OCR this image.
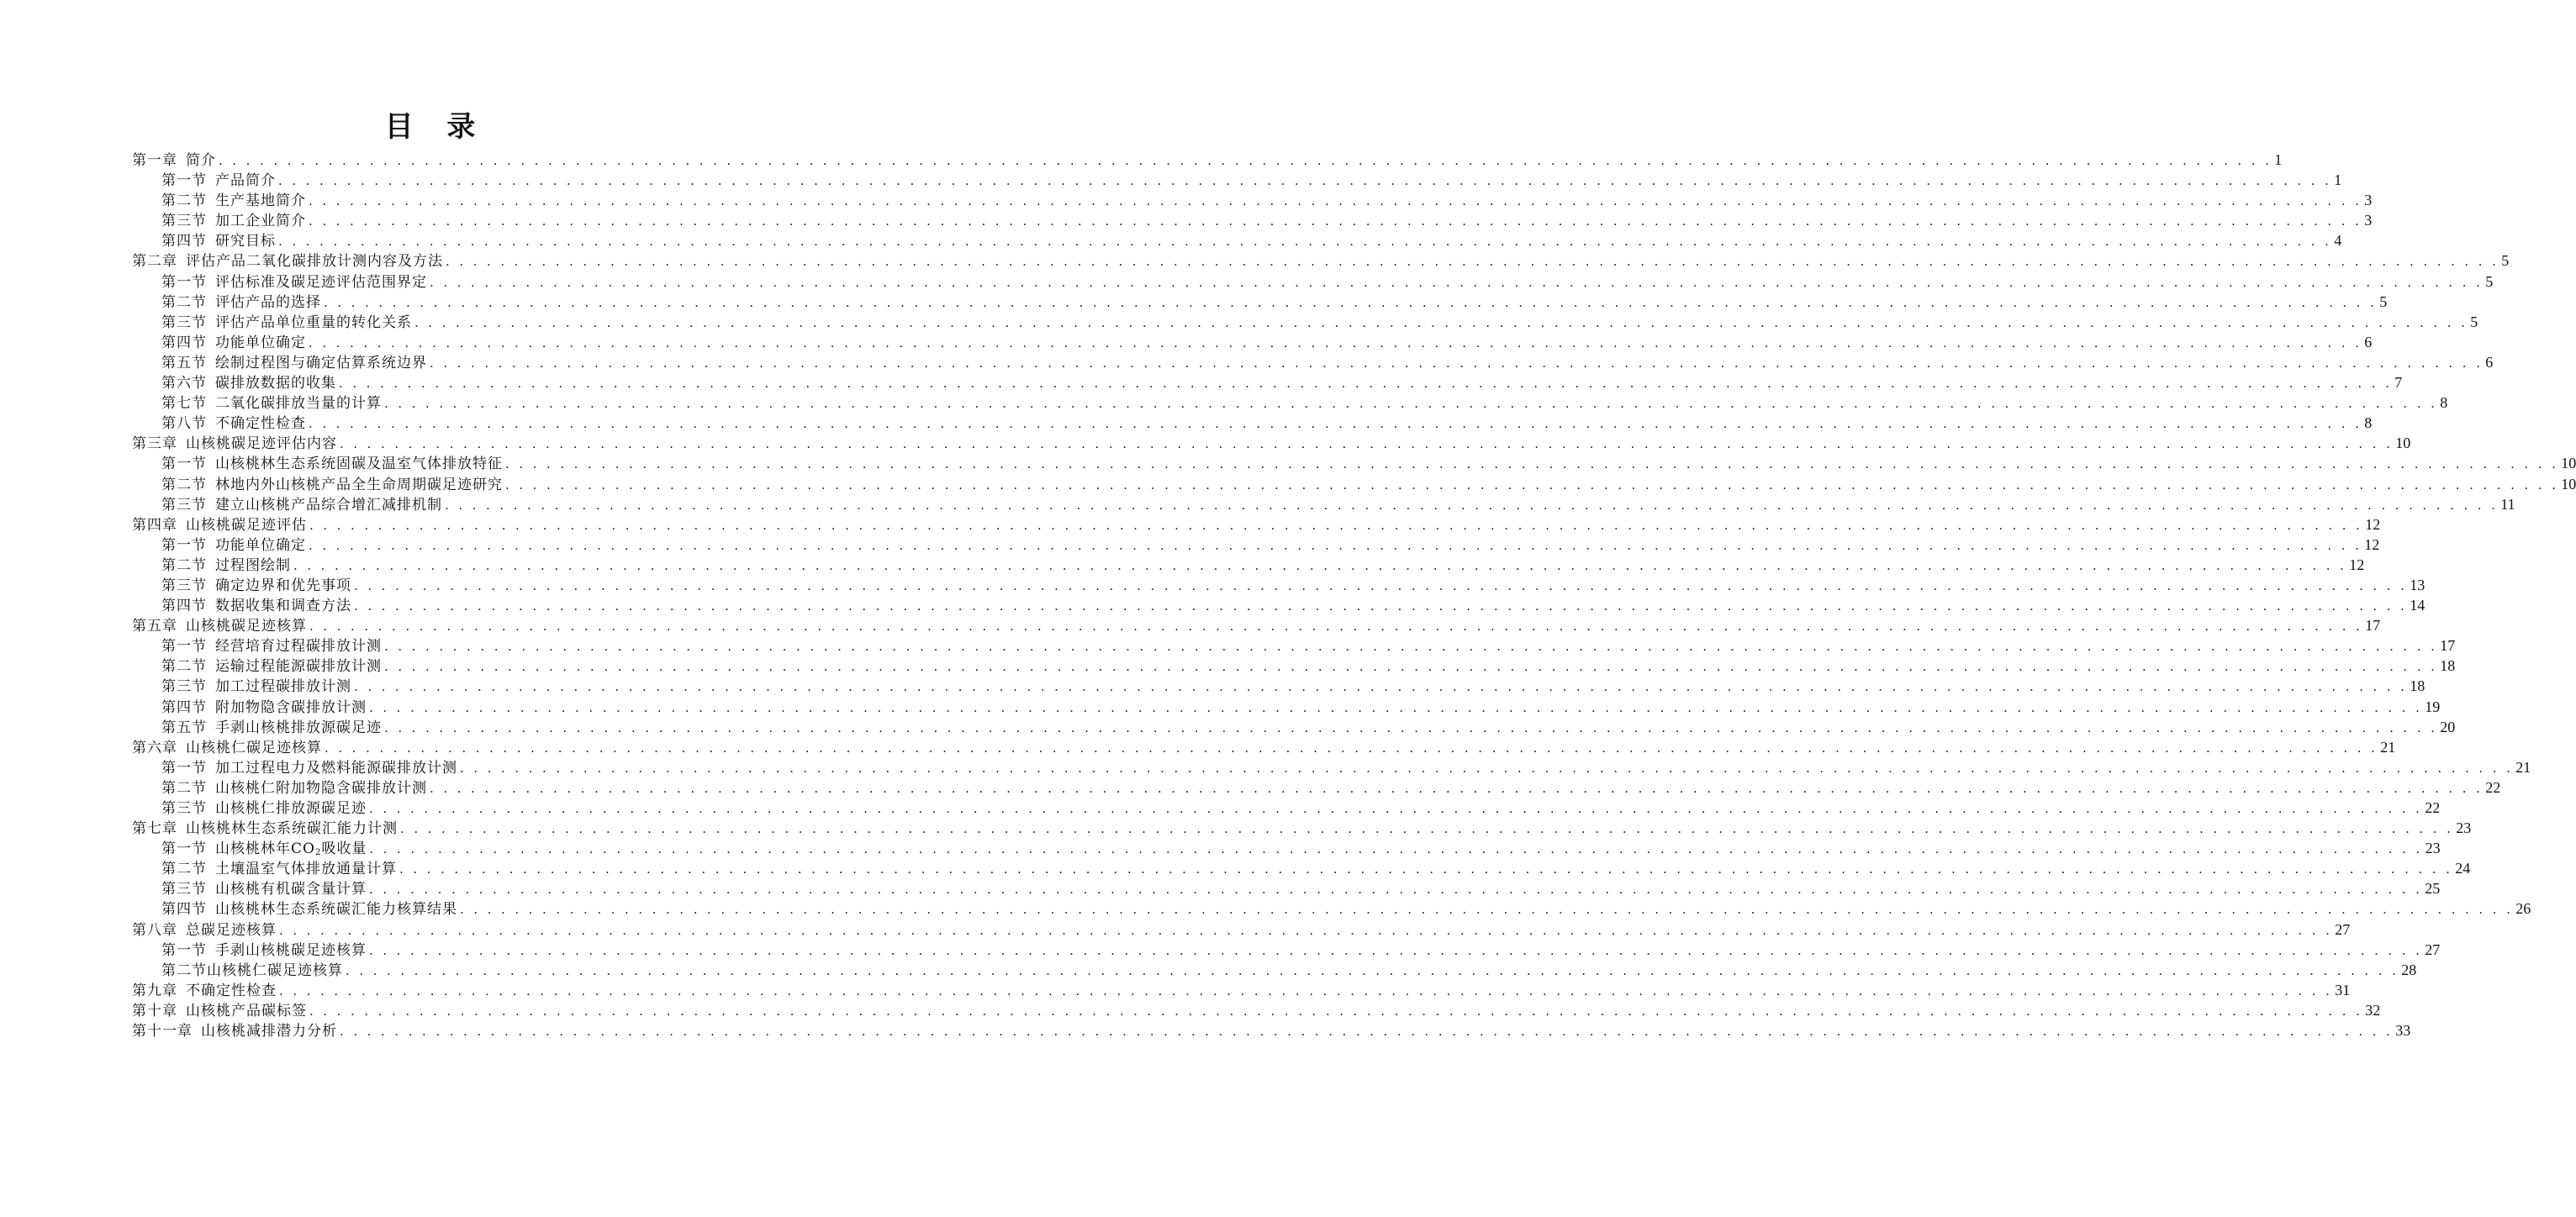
目 录
第一章 简介 . . . . . . . . . . . . . . . . . . . . . . . . . . . . . . . . . . . . . . . . . . . . . . . . . . . . . . . . . . . . . . . . . . . . . . . . . . . . . . . . . . . . . . . . . . . . . . . . . . . . . . . . . . . . . . . . . . . . . . . . . . . . . . . . . . . . . . . . . . . . . . . . . . . . . . 1
第一节 产品简介 . . . . . . . . . . . . . . . . . . . . . . . . . . . . . . . . . . . . . . . . . . . . . . . . . . . . . . . . . . . . . . . . . . . . . . . . . . . . . . . . . . . . . . . . . . . . . . . . . . . . . . . . . . . . . . . . . . . . . . . . . . . . . . . . . . . . . . . . . . . . . . . . . . . . . . 1
第二节 生产基地简介 . . . . . . . . . . . . . . . . . . . . . . . . . . . . . . . . . . . . . . . . . . . . . . . . . . . . . . . . . . . . . . . . . . . . . . . . . . . . . . . . . . . . . . . . . . . . . . . . . . . . . . . . . . . . . . . . . . . . . . . . . . . . . . . . . . . . . . . . . . . . . . . . . . . . . . 3
第三节 加工企业简介 . . . . . . . . . . . . . . . . . . . . . . . . . . . . . . . . . . . . . . . . . . . . . . . . . . . . . . . . . . . . . . . . . . . . . . . . . . . . . . . . . . . . . . . . . . . . . . . . . . . . . . . . . . . . . . . . . . . . . . . . . . . . . . . . . . . . . . . . . . . . . . . . . . . . . . 3
第四节 研究目标 . . . . . . . . . . . . . . . . . . . . . . . . . . . . . . . . . . . . . . . . . . . . . . . . . . . . . . . . . . . . . . . . . . . . . . . . . . . . . . . . . . . . . . . . . . . . . . . . . . . . . . . . . . . . . . . . . . . . . . . . . . . . . . . . . . . . . . . . . . . . . . . . . . . . . . 4
第二章 评估产品二氧化碳排放计测内容及方法 . . . . . . . . . . . . . . . . . . . . . . . . . . . . . . . . . . . . . . . . . . . . . . . . . . . . . . . . . . . . . . . . . . . . . . . . . . . . . . . . . . . . . . . . . . . . . . . . . . . . . . . . . . . . . . . . . . . . . . . . . . . . . . . . . . . . . . . . . . . . . . . . . . . . . . 5
第一节 评估标准及碳足迹评估范围界定 . . . . . . . . . . . . . . . . . . . . . . . . . . . . . . . . . . . . . . . . . . . . . . . . . . . . . . . . . . . . . . . . . . . . . . . . . . . . . . . . . . . . . . . . . . . . . . . . . . . . . . . . . . . . . . . . . . . . . . . . . . . . . . . . . . . . . . . . . . . . . . . . . . . . . . 5
第二节 评估产品的选择 . . . . . . . . . . . . . . . . . . . . . . . . . . . . . . . . . . . . . . . . . . . . . . . . . . . . . . . . . . . . . . . . . . . . . . . . . . . . . . . . . . . . . . . . . . . . . . . . . . . . . . . . . . . . . . . . . . . . . . . . . . . . . . . . . . . . . . . . . . . . . . . . . . . . . . 5
第三节 评估产品单位重量的转化关系 . . . . . . . . . . . . . . . . . . . . . . . . . . . . . . . . . . . . . . . . . . . . . . . . . . . . . . . . . . . . . . . . . . . . . . . . . . . . . . . . . . . . . . . . . . . . . . . . . . . . . . . . . . . . . . . . . . . . . . . . . . . . . . . . . . . . . . . . . . . . . . . . . . . . . . 5
第四节 功能单位确定 . . . . . . . . . . . . . . . . . . . . . . . . . . . . . . . . . . . . . . . . . . . . . . . . . . . . . . . . . . . . . . . . . . . . . . . . . . . . . . . . . . . . . . . . . . . . . . . . . . . . . . . . . . . . . . . . . . . . . . . . . . . . . . . . . . . . . . . . . . . . . . . . . . . . . . 6
第五节 绘制过程图与确定估算系统边界 . . . . . . . . . . . . . . . . . . . . . . . . . . . . . . . . . . . . . . . . . . . . . . . . . . . . . . . . . . . . . . . . . . . . . . . . . . . . . . . . . . . . . . . . . . . . . . . . . . . . . . . . . . . . . . . . . . . . . . . . . . . . . . . . . . . . . . . . . . . . . . . . . . . . . . 6
第六节 碳排放数据的收集 . . . . . . . . . . . . . . . . . . . . . . . . . . . . . . . . . . . . . . . . . . . . . . . . . . . . . . . . . . . . . . . . . . . . . . . . . . . . . . . . . . . . . . . . . . . . . . . . . . . . . . . . . . . . . . . . . . . . . . . . . . . . . . . . . . . . . . . . . . . . . . . . . . . . . . 7
第七节 二氧化碳排放当量的计算 . . . . . . . . . . . . . . . . . . . . . . . . . . . . . . . . . . . . . . . . . . . . . . . . . . . . . . . . . . . . . . . . . . . . . . . . . . . . . . . . . . . . . . . . . . . . . . . . . . . . . . . . . . . . . . . . . . . . . . . . . . . . . . . . . . . . . . . . . . . . . . . . . . . . . . 8
第八节 不确定性检查 . . . . . . . . . . . . . . . . . . . . . . . . . . . . . . . . . . . . . . . . . . . . . . . . . . . . . . . . . . . . . . . . . . . . . . . . . . . . . . . . . . . . . . . . . . . . . . . . . . . . . . . . . . . . . . . . . . . . . . . . . . . . . . . . . . . . . . . . . . . . . . . . . . . . . . 8
第三章 山核桃碳足迹评估内容 . . . . . . . . . . . . . . . . . . . . . . . . . . . . . . . . . . . . . . . . . . . . . . . . . . . . . . . . . . . . . . . . . . . . . . . . . . . . . . . . . . . . . . . . . . . . . . . . . . . . . . . . . . . . . . . . . . . . . . . . . . . . . . . . . . . . . . . . . . . . . . . . . . . . . . 10
第一节 山核桃林生态系统固碳及温室气体排放特征 . . . . . . . . . . . . . . . . . . . . . . . . . . . . . . . . . . . . . . . . . . . . . . . . . . . . . . . . . . . . . . . . . . . . . . . . . . . . . . . . . . . . . . . . . . . . . . . . . . . . . . . . . . . . . . . . . . . . . . . . . . . . . . . . . . . . . . . . . . . . . . . . . . . . . . 10
第二节 林地内外山核桃产品全生命周期碳足迹研究 . . . . . . . . . . . . . . . . . . . . . . . . . . . . . . . . . . . . . . . . . . . . . . . . . . . . . . . . . . . . . . . . . . . . . . . . . . . . . . . . . . . . . . . . . . . . . . . . . . . . . . . . . . . . . . . . . . . . . . . . . . . . . . . . . . . . . . . . . . . . . . . . . . . . . . 10
第三节 建立山核桃产品综合增汇减排机制 . . . . . . . . . . . . . . . . . . . . . . . . . . . . . . . . . . . . . . . . . . . . . . . . . . . . . . . . . . . . . . . . . . . . . . . . . . . . . . . . . . . . . . . . . . . . . . . . . . . . . . . . . . . . . . . . . . . . . . . . . . . . . . . . . . . . . . . . . . . . . . . . . . . . . . 11
第四章 山核桃碳足迹评估 . . . . . . . . . . . . . . . . . . . . . . . . . . . . . . . . . . . . . . . . . . . . . . . . . . . . . . . . . . . . . . . . . . . . . . . . . . . . . . . . . . . . . . . . . . . . . . . . . . . . . . . . . . . . . . . . . . . . . . . . . . . . . . . . . . . . . . . . . . . . . . . . . . . . . . 12
第一节 功能单位确定 . . . . . . . . . . . . . . . . . . . . . . . . . . . . . . . . . . . . . . . . . . . . . . . . . . . . . . . . . . . . . . . . . . . . . . . . . . . . . . . . . . . . . . . . . . . . . . . . . . . . . . . . . . . . . . . . . . . . . . . . . . . . . . . . . . . . . . . . . . . . . . . . . . . . . . 12
第二节 过程图绘制 . . . . . . . . . . . . . . . . . . . . . . . . . . . . . . . . . . . . . . . . . . . . . . . . . . . . . . . . . . . . . . . . . . . . . . . . . . . . . . . . . . . . . . . . . . . . . . . . . . . . . . . . . . . . . . . . . . . . . . . . . . . . . . . . . . . . . . . . . . . . . . . . . . . . . . 12
第三节 确定边界和优先事项 . . . . . . . . . . . . . . . . . . . . . . . . . . . . . . . . . . . . . . . . . . . . . . . . . . . . . . . . . . . . . . . . . . . . . . . . . . . . . . . . . . . . . . . . . . . . . . . . . . . . . . . . . . . . . . . . . . . . . . . . . . . . . . . . . . . . . . . . . . . . . . . . . . . . . . 13
第四节 数据收集和调查方法 . . . . . . . . . . . . . . . . . . . . . . . . . . . . . . . . . . . . . . . . . . . . . . . . . . . . . . . . . . . . . . . . . . . . . . . . . . . . . . . . . . . . . . . . . . . . . . . . . . . . . . . . . . . . . . . . . . . . . . . . . . . . . . . . . . . . . . . . . . . . . . . . . . . . . . 14
第五章 山核桃碳足迹核算 . . . . . . . . . . . . . . . . . . . . . . . . . . . . . . . . . . . . . . . . . . . . . . . . . . . . . . . . . . . . . . . . . . . . . . . . . . . . . . . . . . . . . . . . . . . . . . . . . . . . . . . . . . . . . . . . . . . . . . . . . . . . . . . . . . . . . . . . . . . . . . . . . . . . . . 17
第一节 经营培育过程碳排放计测 . . . . . . . . . . . . . . . . . . . . . . . . . . . . . . . . . . . . . . . . . . . . . . . . . . . . . . . . . . . . . . . . . . . . . . . . . . . . . . . . . . . . . . . . . . . . . . . . . . . . . . . . . . . . . . . . . . . . . . . . . . . . . . . . . . . . . . . . . . . . . . . . . . . . . . 17
第二节 运输过程能源碳排放计测 . . . . . . . . . . . . . . . . . . . . . . . . . . . . . . . . . . . . . . . . . . . . . . . . . . . . . . . . . . . . . . . . . . . . . . . . . . . . . . . . . . . . . . . . . . . . . . . . . . . . . . . . . . . . . . . . . . . . . . . . . . . . . . . . . . . . . . . . . . . . . . . . . . . . . . 18
第三节 加工过程碳排放计测 . . . . . . . . . . . . . . . . . . . . . . . . . . . . . . . . . . . . . . . . . . . . . . . . . . . . . . . . . . . . . . . . . . . . . . . . . . . . . . . . . . . . . . . . . . . . . . . . . . . . . . . . . . . . . . . . . . . . . . . . . . . . . . . . . . . . . . . . . . . . . . . . . . . . . . 18
第四节 附加物隐含碳排放计测 . . . . . . . . . . . . . . . . . . . . . . . . . . . . . . . . . . . . . . . . . . . . . . . . . . . . . . . . . . . . . . . . . . . . . . . . . . . . . . . . . . . . . . . . . . . . . . . . . . . . . . . . . . . . . . . . . . . . . . . . . . . . . . . . . . . . . . . . . . . . . . . . . . . . . . 19
第五节 手剥山核桃排放源碳足迹 . . . . . . . . . . . . . . . . . . . . . . . . . . . . . . . . . . . . . . . . . . . . . . . . . . . . . . . . . . . . . . . . . . . . . . . . . . . . . . . . . . . . . . . . . . . . . . . . . . . . . . . . . . . . . . . . . . . . . . . . . . . . . . . . . . . . . . . . . . . . . . . . . . . . . . 20
第六章 山核桃仁碳足迹核算 . . . . . . . . . . . . . . . . . . . . . . . . . . . . . . . . . . . . . . . . . . . . . . . . . . . . . . . . . . . . . . . . . . . . . . . . . . . . . . . . . . . . . . . . . . . . . . . . . . . . . . . . . . . . . . . . . . . . . . . . . . . . . . . . . . . . . . . . . . . . . . . . . . . . . . 21
第一节 加工过程电力及燃料能源碳排放计测 . . . . . . . . . . . . . . . . . . . . . . . . . . . . . . . . . . . . . . . . . . . . . . . . . . . . . . . . . . . . . . . . . . . . . . . . . . . . . . . . . . . . . . . . . . . . . . . . . . . . . . . . . . . . . . . . . . . . . . . . . . . . . . . . . . . . . . . . . . . . . . . . . . . . . . 21
第二节 山核桃仁附加物隐含碳排放计测 . . . . . . . . . . . . . . . . . . . . . . . . . . . . . . . . . . . . . . . . . . . . . . . . . . . . . . . . . . . . . . . . . . . . . . . . . . . . . . . . . . . . . . . . . . . . . . . . . . . . . . . . . . . . . . . . . . . . . . . . . . . . . . . . . . . . . . . . . . . . . . . . . . . . . . 22
第三节 山核桃仁排放源碳足迹 . . . . . . . . . . . . . . . . . . . . . . . . . . . . . . . . . . . . . . . . . . . . . . . . . . . . . . . . . . . . . . . . . . . . . . . . . . . . . . . . . . . . . . . . . . . . . . . . . . . . . . . . . . . . . . . . . . . . . . . . . . . . . . . . . . . . . . . . . . . . . . . . . . . . . . 22
第七章 山核桃林生态系统碳汇能力计测 . . . . . . . . . . . . . . . . . . . . . . . . . . . . . . . . . . . . . . . . . . . . . . . . . . . . . . . . . . . . . . . . . . . . . . . . . . . . . . . . . . . . . . . . . . . . . . . . . . . . . . . . . . . . . . . . . . . . . . . . . . . . . . . . . . . . . . . . . . . . . . . . . . . . . . 23
第一节 山核桃林年$CO_2$吸收量 . . . . . . . . . . . . . . . . . . . . . . . . . . . . . . . . . . . . . . . . . . . . . . . . . . . . . . . . . . . . . . . . . . . . . . . . . . . . . . . . . . . . . . . . . . . . . . . . . . . . . . . . . . . . . . . . . . . . . . . . . . . . . . . . . . . . . . . . . . . . . . . . . . . . . . 23
第二节 土壤温室气体排放通量计算 . . . . . . . . . . . . . . . . . . . . . . . . . . . . . . . . . . . . . . . . . . . . . . . . . . . . . . . . . . . . . . . . . . . . . . . . . . . . . . . . . . . . . . . . . . . . . . . . . . . . . . . . . . . . . . . . . . . . . . . . . . . . . . . . . . . . . . . . . . . . . . . . . . . . . . 24
第三节 山核桃有机碳含量计算 . . . . . . . . . . . . . . . . . . . . . . . . . . . . . . . . . . . . . . . . . . . . . . . . . . . . . . . . . . . . . . . . . . . . . . . . . . . . . . . . . . . . . . . . . . . . . . . . . . . . . . . . . . . . . . . . . . . . . . . . . . . . . . . . . . . . . . . . . . . . . . . . . . . . . . 25
第四节 山核桃林生态系统碳汇能力核算结果 . . . . . . . . . . . . . . . . . . . . . . . . . . . . . . . . . . . . . . . . . . . . . . . . . . . . . . . . . . . . . . . . . . . . . . . . . . . . . . . . . . . . . . . . . . . . . . . . . . . . . . . . . . . . . . . . . . . . . . . . . . . . . . . . . . . . . . . . . . . . . . . . . . . . . . 26
第八章 总碳足迹核算 . . . . . . . . . . . . . . . . . . . . . . . . . . . . . . . . . . . . . . . . . . . . . . . . . . . . . . . . . . . . . . . . . . . . . . . . . . . . . . . . . . . . . . . . . . . . . . . . . . . . . . . . . . . . . . . . . . . . . . . . . . . . . . . . . . . . . . . . . . . . . . . . . . . . . . 27
第一节 手剥山核桃碳足迹核算 . . . . . . . . . . . . . . . . . . . . . . . . . . . . . . . . . . . . . . . . . . . . . . . . . . . . . . . . . . . . . . . . . . . . . . . . . . . . . . . . . . . . . . . . . . . . . . . . . . . . . . . . . . . . . . . . . . . . . . . . . . . . . . . . . . . . . . . . . . . . . . . . . . . . . . 27
第二节山核桃仁碳足迹核算 . . . . . . . . . . . . . . . . . . . . . . . . . . . . . . . . . . . . . . . . . . . . . . . . . . . . . . . . . . . . . . . . . . . . . . . . . . . . . . . . . . . . . . . . . . . . . . . . . . . . . . . . . . . . . . . . . . . . . . . . . . . . . . . . . . . . . . . . . . . . . . . . . . . . . . 28
第九章 不确定性检查 . . . . . . . . . . . . . . . . . . . . . . . . . . . . . . . . . . . . . . . . . . . . . . . . . . . . . . . . . . . . . . . . . . . . . . . . . . . . . . . . . . . . . . . . . . . . . . . . . . . . . . . . . . . . . . . . . . . . . . . . . . . . . . . . . . . . . . . . . . . . . . . . . . . . . . 31
第十章 山核桃产品碳标签 . . . . . . . . . . . . . . . . . . . . . . . . . . . . . . . . . . . . . . . . . . . . . . . . . . . . . . . . . . . . . . . . . . . . . . . . . . . . . . . . . . . . . . . . . . . . . . . . . . . . . . . . . . . . . . . . . . . . . . . . . . . . . . . . . . . . . . . . . . . . . . . . . . . . . . 32
第十一章 山核桃减排潜力分析 . . . . . . . . . . . . . . . . . . . . . . . . . . . . . . . . . . . . . . . . . . . . . . . . . . . . . . . . . . . . . . . . . . . . . . . . . . . . . . . . . . . . . . . . . . . . . . . . . . . . . . . . . . . . . . . . . . . . . . . . . . . . . . . . . . . . . . . . . . . . . . . . . . . . . . 33
